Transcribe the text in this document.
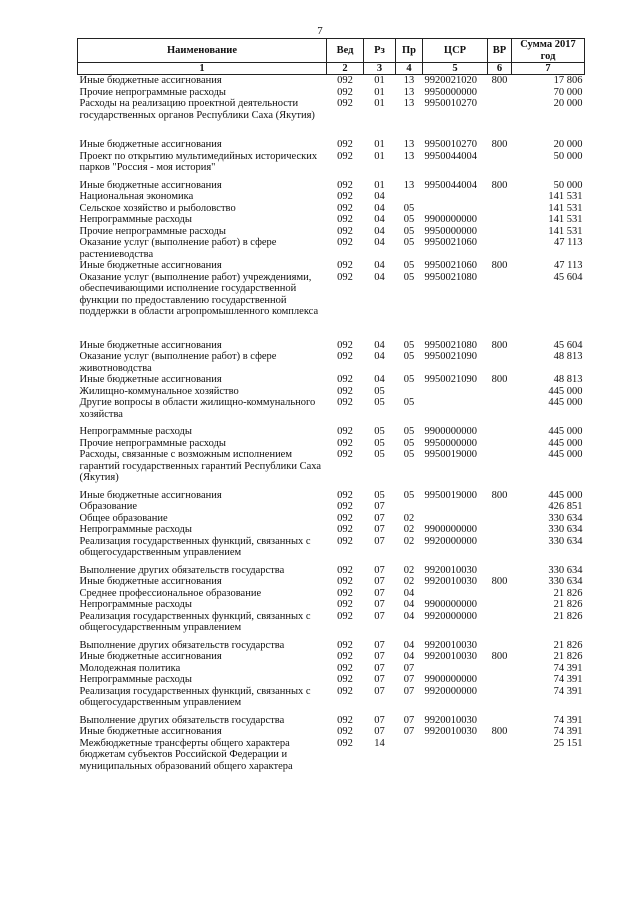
7
Наименование	Вед	Рз	Пр	ЦСР	ВР	Сумма 2017 год
1	2	3	4	5	6	7
Иные бюджетные ассигнования	092	01	13	9920021020	800	17 806
Прочие непрограммные расходы	092	01	13	9950000000		70 000
Расходы на реализацию проектной деятельности государственных органов Республики Саха (Якутия)	092	01	13	9950010270		20 000
Иные бюджетные ассигнования	092	01	13	9950010270	800	20 000
Проект по открытию мультимедийных исторических парков "Россия - моя история"	092	01	13	9950044004		50 000
Иные бюджетные ассигнования	092	01	13	9950044004	800	50 000
Национальная экономика	092	04				141 531
Сельское хозяйство и рыболовство	092	04	05			141 531
Непрограммные расходы	092	04	05	9900000000		141 531
Прочие непрограммные расходы	092	04	05	9950000000		141 531
Оказание услуг (выполнение работ) в сфере растениеводства	092	04	05	9950021060		47 113
Иные бюджетные ассигнования	092	04	05	9950021060	800	47 113
Оказание услуг (выполнение работ) учреждениями, обеспечивающими исполнение государственной функции по предоставлению государственной поддержки в области агропромышленного комплекса	092	04	05	9950021080		45 604
Иные бюджетные ассигнования	092	04	05	9950021080	800	45 604
Оказание услуг (выполнение работ) в сфере животноводства	092	04	05	9950021090		48 813
Иные бюджетные ассигнования	092	04	05	9950021090	800	48 813
Жилищно-коммунальное хозяйство	092	05				445 000
Другие вопросы в области жилищно-коммунального хозяйства	092	05	05			445 000
Непрограммные расходы	092	05	05	9900000000		445 000
Прочие непрограммные расходы	092	05	05	9950000000		445 000
Расходы, связанные с возможным исполнением гарантий государственных гарантий Республики Саха (Якутия)	092	05	05	9950019000		445 000
Иные бюджетные ассигнования	092	05	05	9950019000	800	445 000
Образование	092	07				426 851
Общее образование	092	07	02			330 634
Непрограммные расходы	092	07	02	9900000000		330 634
Реализация государственных функций, связанных с общегосударственным управлением	092	07	02	9920000000		330 634
Выполнение других обязательств государства	092	07	02	9920010030		330 634
Иные бюджетные ассигнования	092	07	02	9920010030	800	330 634
Среднее профессиональное образование	092	07	04			21 826
Непрограммные расходы	092	07	04	9900000000		21 826
Реализация государственных функций, связанных с общегосударственным управлением	092	07	04	9920000000		21 826
Выполнение других обязательств государства	092	07	04	9920010030		21 826
Иные бюджетные ассигнования	092	07	04	9920010030	800	21 826
Молодежная политика	092	07	07			74 391
Непрограммные расходы	092	07	07	9900000000		74 391
Реализация государственных функций, связанных с общегосударственным управлением	092	07	07	9920000000		74 391
Выполнение других обязательств государства	092	07	07	9920010030		74 391
Иные бюджетные ассигнования	092	07	07	9920010030	800	74 391
Межбюджетные трансферты общего характера бюджетам субъектов Российской Федерации и муниципальных образований общего характера	092	14				25 151
